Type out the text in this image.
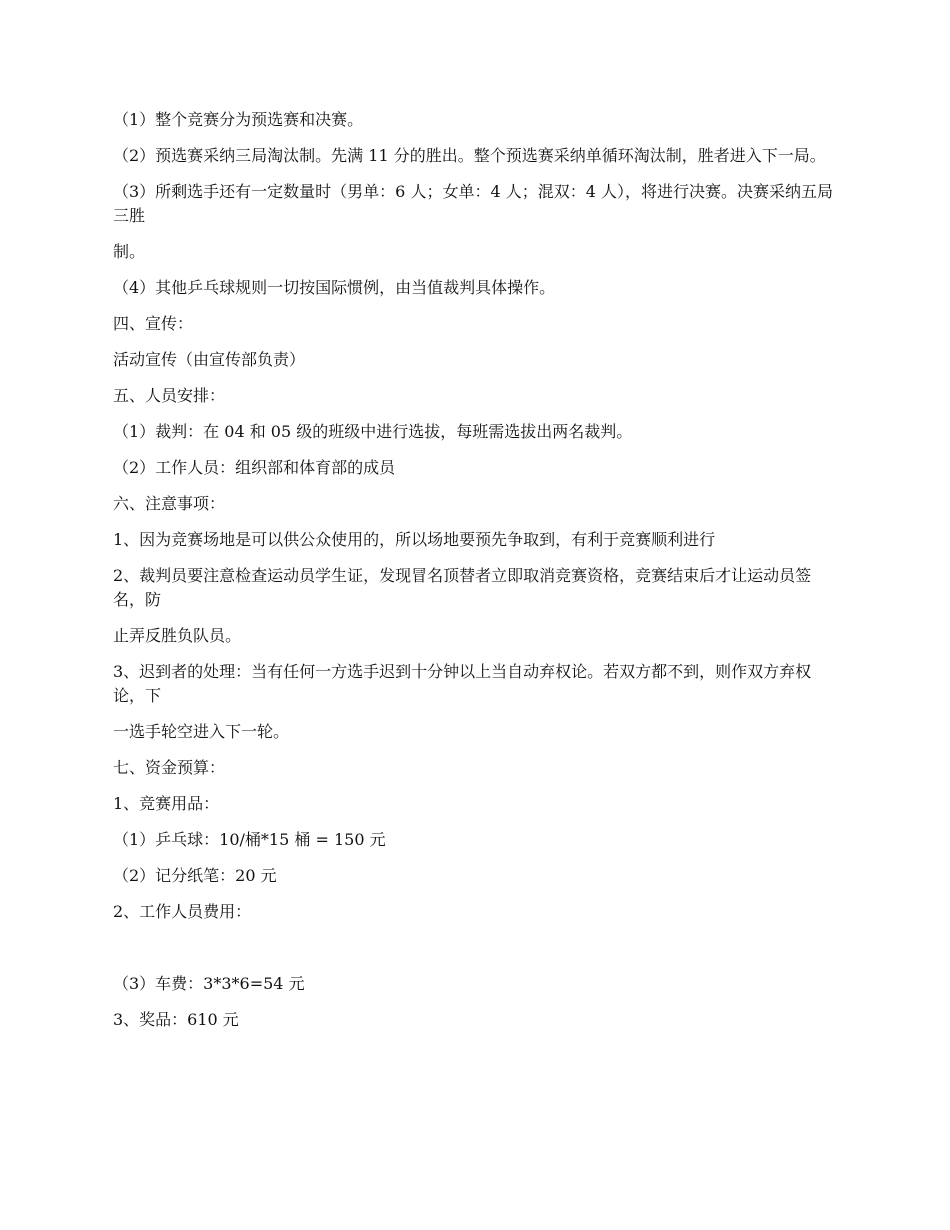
（1）整个竞赛分为预选赛和决赛。

（2）预选赛采纳三局淘汰制。先满 11 分的胜出。整个预选赛采纳单循环淘汰制，胜者进入下一局。

（3）所剩选手还有一定数量时（男单：6 人；女单：4 人；混双：4 人），将进行决赛。决赛采纳五局三胜

制。

（4）其他乒乓球规则一切按国际惯例，由当值裁判具体操作。

四、宣传：

活动宣传（由宣传部负责）

五、人员安排：

（1）裁判：在 04 和 05 级的班级中进行选拔，每班需选拔出两名裁判。

（2）工作人员：组织部和体育部的成员

六、注意事项：

1、因为竞赛场地是可以供公众使用的，所以场地要预先争取到，有利于竞赛顺利进行

2、裁判员要注意检查运动员学生证，发现冒名顶替者立即取消竞赛资格，竞赛结束后才让运动员签名，防

止弄反胜负队员。

3、迟到者的处理：当有任何一方选手迟到十分钟以上当自动弃权论。若双方都不到，则作双方弃权论，下

一选手轮空进入下一轮。

七、资金预算：

1、竞赛用品：

（1）乒乓球：10/桶*15 桶 = 150 元

（2）记分纸笔：20 元

2、工作人员费用：

（3）车费：3*3*6=54 元

3、奖品：610 元
